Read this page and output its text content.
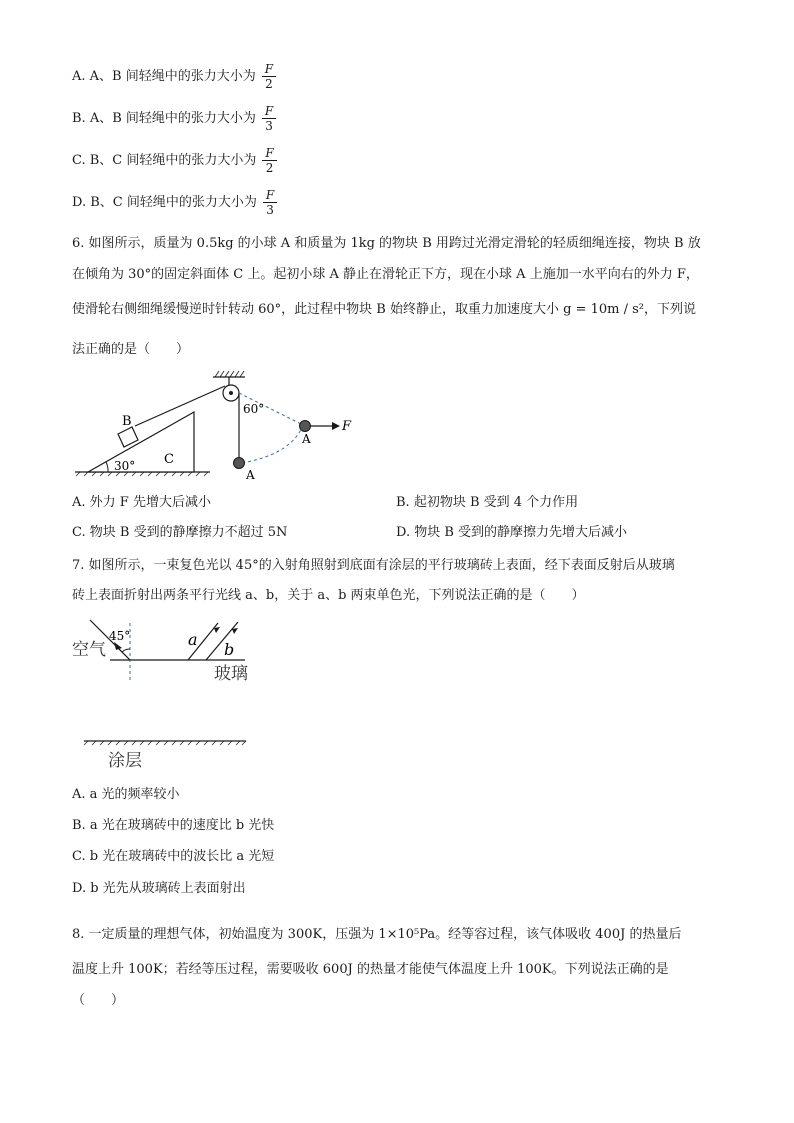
A. A、B 间轻绳中的张力大小为 $\frac{F}{2}$
B. A、B 间轻绳中的张力大小为 $\frac{F}{3}$
C. B、C 间轻绳中的张力大小为 $\frac{F}{2}$
D. B、C 间轻绳中的张力大小为 $\frac{F}{3}$
6. 如图所示，质量为 0.5kg 的小球 A 和质量为 1kg 的物块 B 用跨过光滑定滑轮的轻质细绳连接，物块 B 放
在倾角为 30°的固定斜面体 C 上。起初小球 A 静止在滑轮正下方，现在小球 A 上施加一水平向右的外力 F，
使滑轮右侧细绳缓慢逆时针转动 60°，此过程中物块 B 始终静止，取重力加速度大小 g = 10m / s²，下列说
法正确的是（　　）
B
C
30°
60°
A
A
F
A. 外力 F 先增大后减小	B. 起初物块 B 受到 4 个力作用
C. 物块 B 受到的静摩擦力不超过 5N	D. 物块 B 受到的静摩擦力先增大后减小
7. 如图所示，一束复色光以 45°的入射角照射到底面有涂层的平行玻璃砖上表面，经下表面反射后从玻璃
砖上表面折射出两条平行光线 a、b，关于 a、b 两束单色光，下列说法正确的是（　　）
空气
45°	a
b
玻璃
涂层
A. a 光的频率较小
B. a 光在玻璃砖中的速度比 b 光快
C. b 光在玻璃砖中的波长比 a 光短
D. b 光先从玻璃砖上表面射出
8. 一定质量的理想气体，初始温度为 300K，压强为 1×10⁵Pa。经等容过程，该气体吸收 400J 的热量后
温度上升 100K；若经等压过程，需要吸收 600J 的热量才能使气体温度上升 100K。下列说法正确的是
（　　）
